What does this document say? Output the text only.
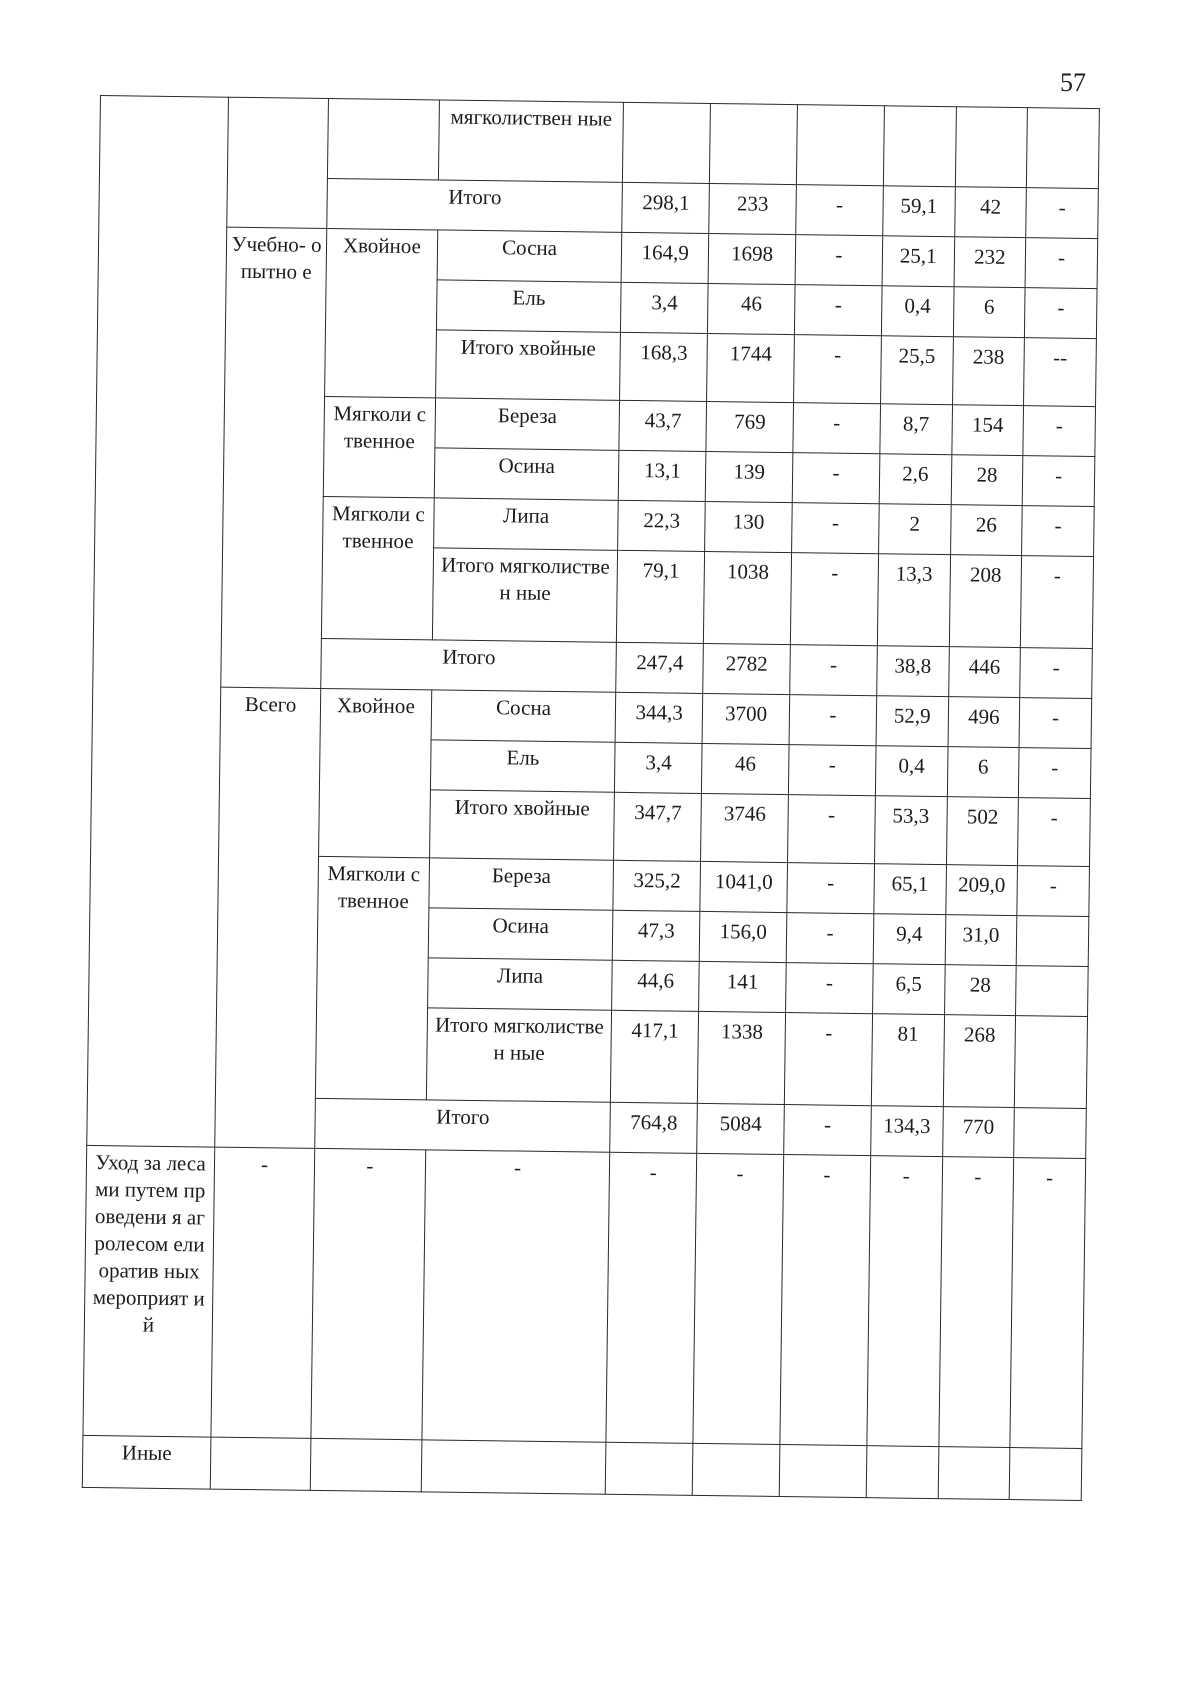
57
			мягколиствен ные						
		Итого		298,1	233	-	59,1	42	-
	Учебно- опытно е	Хвойное	Сосна	164,9	1698	-	25,1	232	-
			Ель	3,4	46	-	0,4	6	-
			Итого хвойные	168,3	1744	-	25,5	238	--
		Мягколи ственное	Береза	43,7	769	-	8,7	154	-
			Осина	13,1	139	-	2,6	28	-
		Мягколи ственное	Липа	22,3	130	-	2	26	-
			Итого мягколиствен ные	79,1	1038	-	13,3	208	-
		Итого		247,4	2782	-	38,8	446	-
	Всего	Хвойное	Сосна	344,3	3700	-	52,9	496	-
			Ель	3,4	46	-	0,4	6	-
			Итого хвойные	347,7	3746	-	53,3	502	-
		Мягколи ственное	Береза	325,2	1041,0	-	65,1	209,0	-
			Осина	47,3	156,0	-	9,4	31,0	
			Липа	44,6	141	-	6,5	28	
			Итого мягколиствен ные	417,1	1338	-	81	268	
		Итого		764,8	5084	-	134,3	770	
Уход за лесами путем проведени я агролесом елиоратив ных мероприят ий	-	-	-	-	-	-	-	-	-
Иные									
